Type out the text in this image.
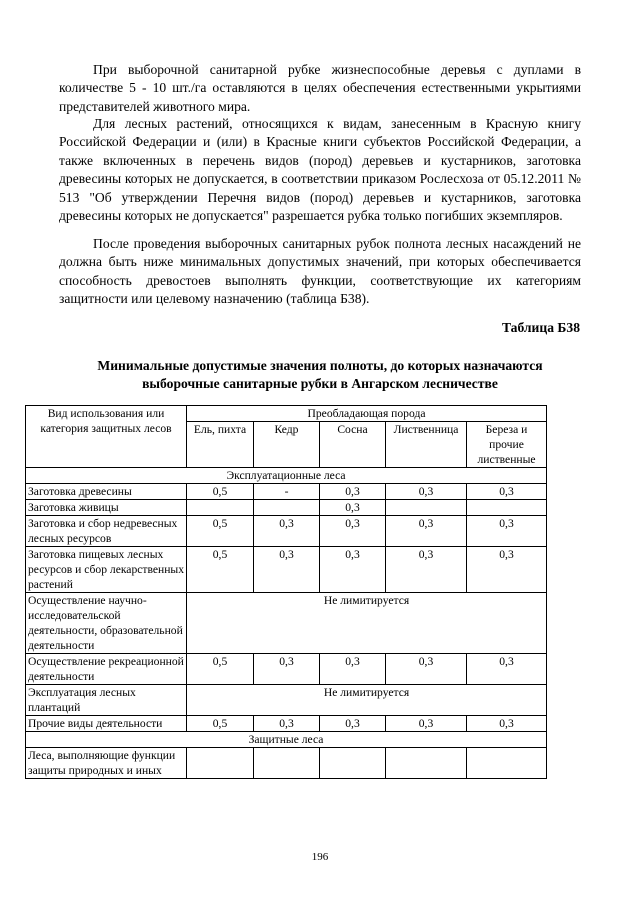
При выборочной санитарной рубке жизнеспособные деревья с дуплами в количестве 5 - 10 шт./га оставляются в целях обеспечения естественными укрытиями представителей животного мира.

Для лесных растений, относящихся к видам, занесенным в Красную книгу Российской Федерации и (или) в Красные книги субъектов Российской Федерации, а также включенных в перечень видов (пород) деревьев и кустарников, заготовка древесины которых не допускается, в соответствии приказом Рослесхоза от 05.12.2011 № 513 "Об утверждении Перечня видов (пород) деревьев и кустарников, заготовка древесины которых не допускается" разрешается рубка только погибших экземпляров.

После проведения выборочных санитарных рубок полнота лесных насаждений не должна быть ниже минимальных допустимых значений, при которых обеспечивается способность древостоев выполнять функции, соответствующие их категориям защитности или целевому назначению (таблица Б38).

Таблица Б38
Минимальные допустимые значения полноты, до которых назначаются
выборочные санитарные рубки в Ангарском лесничестве
Вид использования или категория защитных лесов	Преобладающая порода				
	Ель, пихта	Кедр	Сосна	Лиственница	Береза и прочие лиственные
Эксплуатационные леса					
Заготовка древесины	0,5	-	0,3	0,3	0,3
Заготовка живицы			0,3		
Заготовка и сбор недревесных лесных ресурсов	0,5	0,3	0,3	0,3	0,3
Заготовка пищевых лесных ресурсов и сбор лекарственных растений	0,5	0,3	0,3	0,3	0,3
Осуществление научно-исследовательской деятельности, образовательной деятельности	Не лимитируется				
Осуществление рекреационной деятельности	0,5	0,3	0,3	0,3	0,3
Эксплуатация лесных плантаций	Не лимитируется				
Прочие виды деятельности	0,5	0,3	0,3	0,3	0,3
Защитные леса					
Леса, выполняющие функции защиты природных и иных					
196
